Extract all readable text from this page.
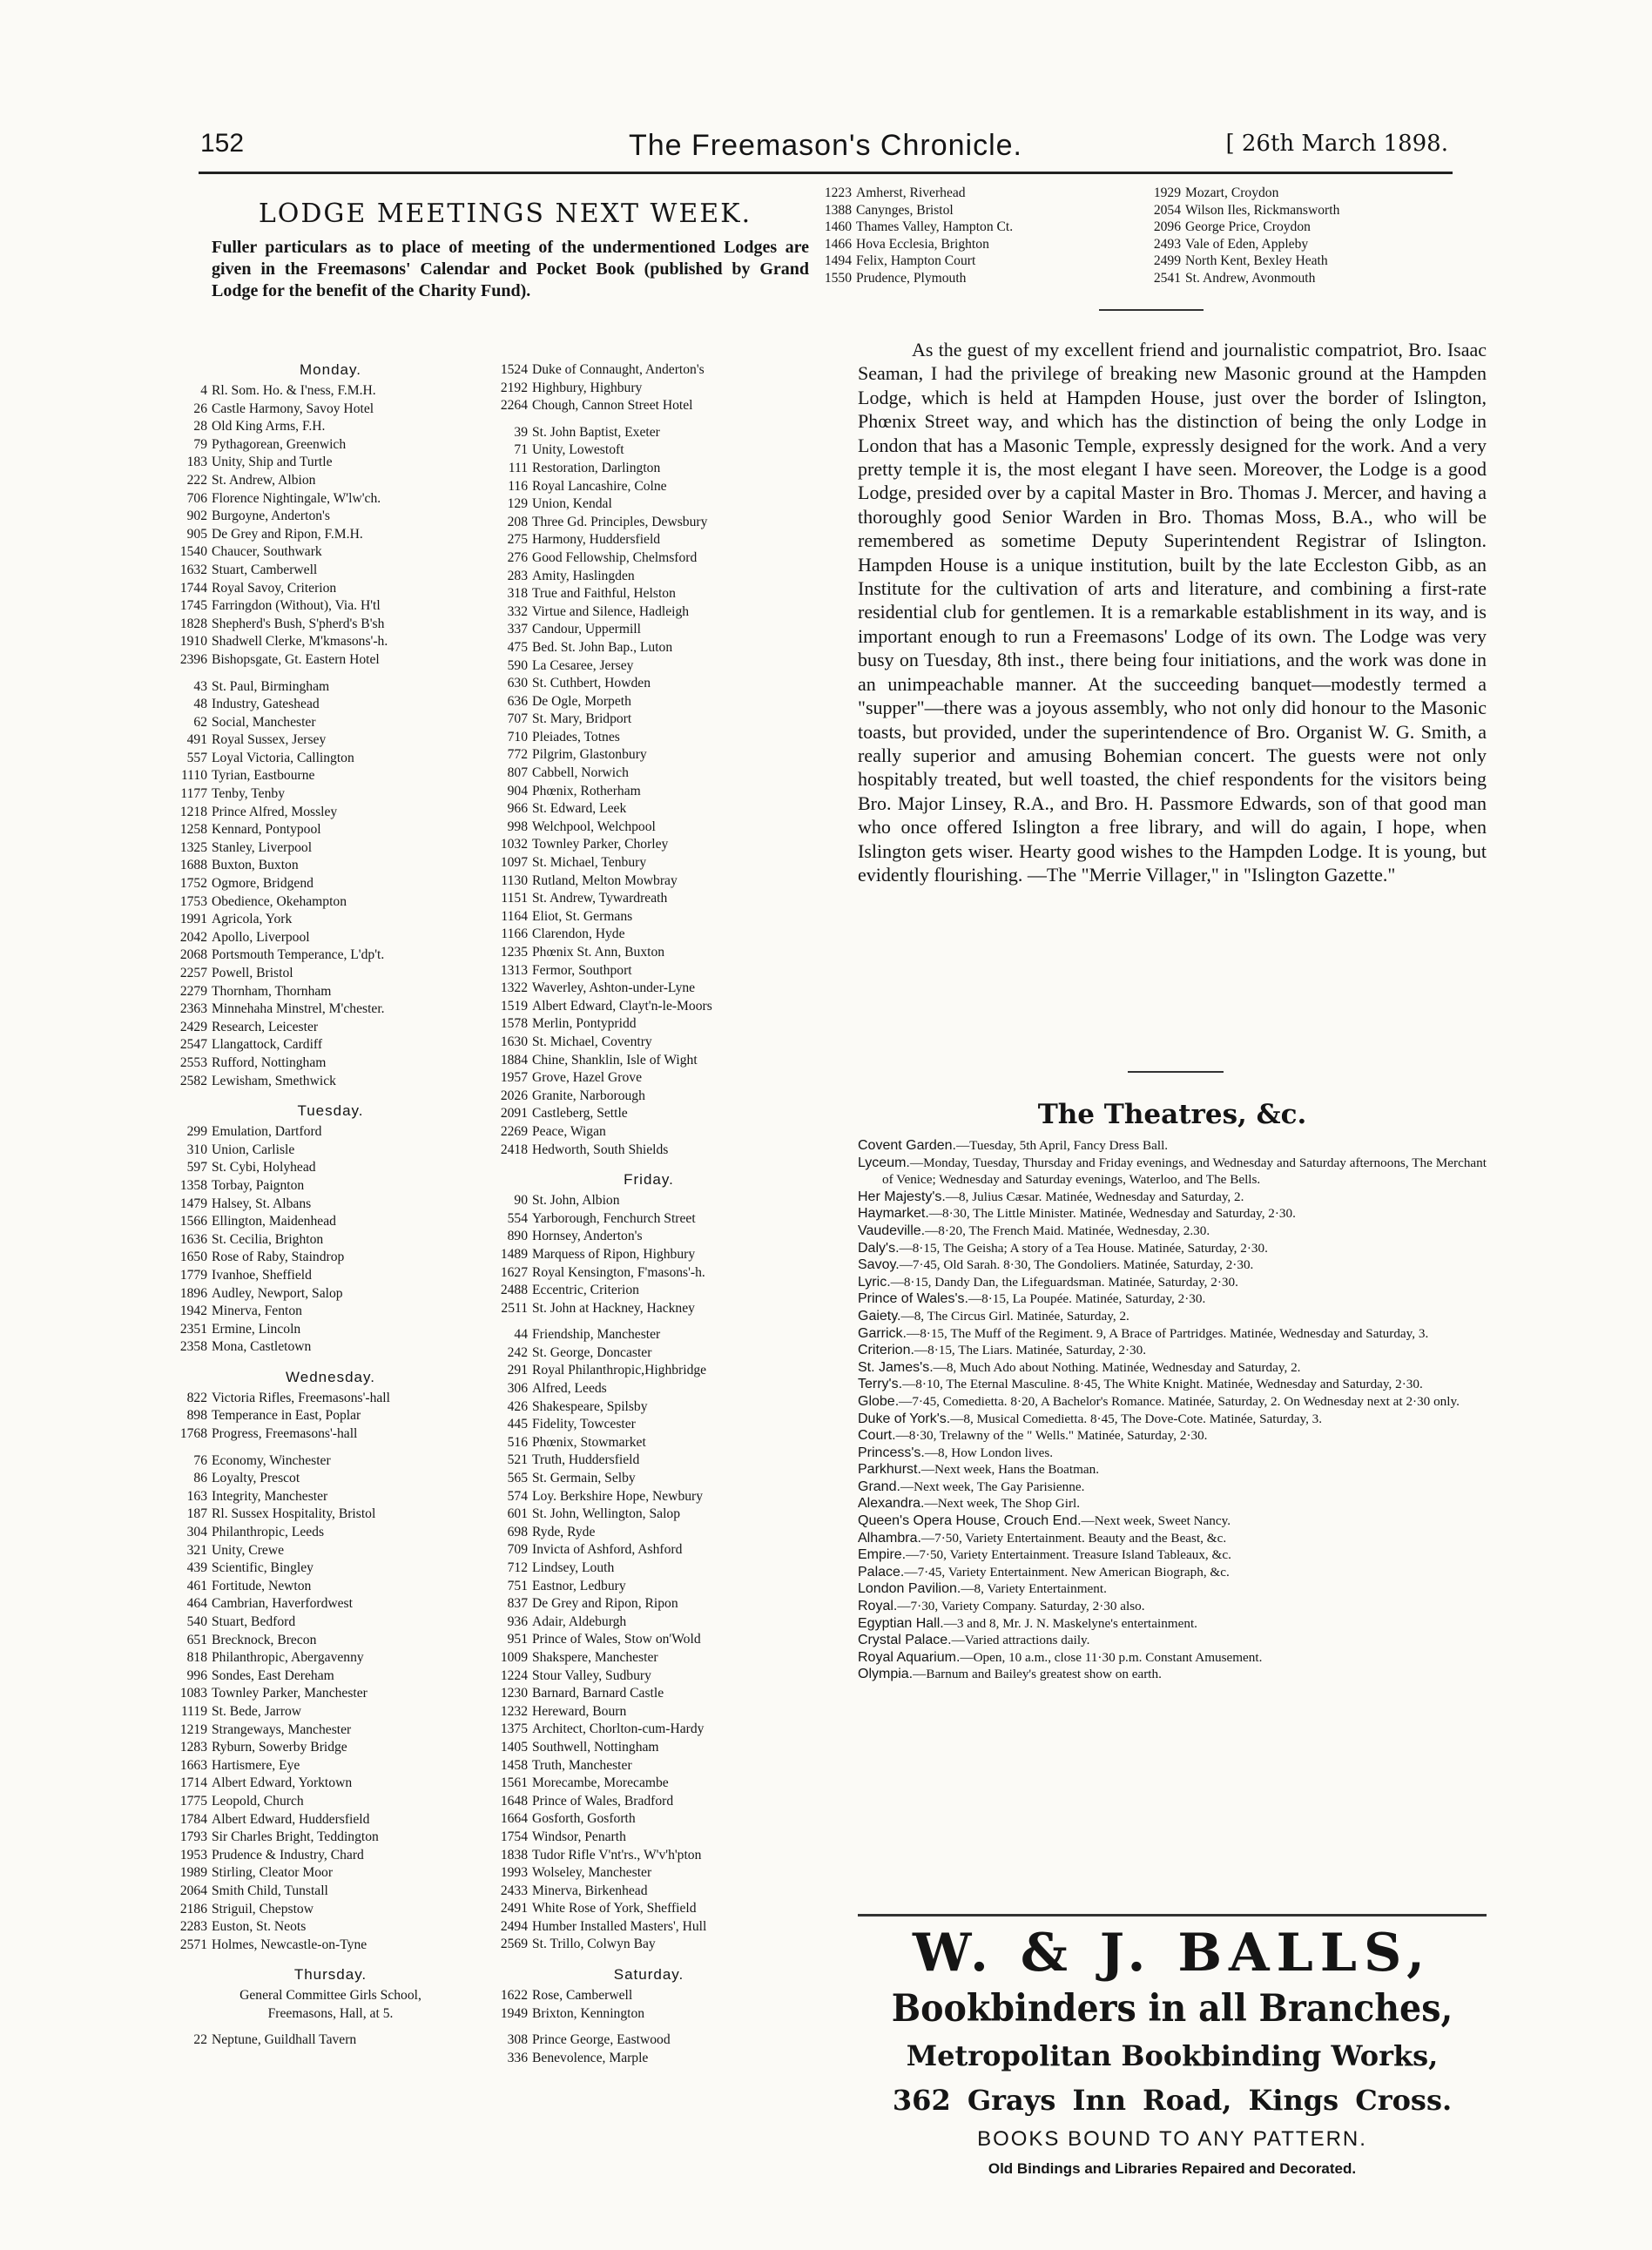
152	The Freemason's Chronicle.	[ 26th March 1898.
LODGE MEETINGS NEXT WEEK.
Fuller particulars as to place of meeting of the undermentioned Lodges are given in the Freemasons' Calendar and Pocket Book (published by Grand Lodge for the benefit of the Charity Fund).
Monday.
4 Rl. Som. Ho. & I'ness, F.M.H.
26 Castle Harmony, Savoy Hotel
28 Old King Arms, F.H.
79 Pythagorean, Greenwich
183 Unity, Ship and Turtle
222 St. Andrew, Albion
706 Florence Nightingale, W'lw'ch.
902 Burgoyne, Anderton's
905 De Grey and Ripon, F.M.H.
1540 Chaucer, Southwark
1632 Stuart, Camberwell
1744 Royal Savoy, Criterion
1745 Farringdon (Without), Via. H'tl
1828 Shepherd's Bush, S'pherd's B'sh
1910 Shadwell Clerke, M'kmasons'-h.
2396 Bishopsgate, Gt. Eastern Hotel
43 St. Paul, Birmingham
48 Industry, Gateshead
62 Social, Manchester
491 Royal Sussex, Jersey
557 Loyal Victoria, Callington
1110 Tyrian, Eastbourne
1177 Tenby, Tenby
1218 Prince Alfred, Mossley
1258 Kennard, Pontypool
1325 Stanley, Liverpool
1688 Buxton, Buxton
1752 Ogmore, Bridgend
1753 Obedience, Okehampton
1991 Agricola, York
2042 Apollo, Liverpool
2068 Portsmouth Temperance, L'dp't.
2257 Powell, Bristol
2279 Thornham, Thornham
2363 Minnehaha Minstrel, M'chester.
2429 Research, Leicester
2547 Llangattock, Cardiff
2553 Rufford, Nottingham
2582 Lewisham, Smethwick
Tuesday.
299 Emulation, Dartford
310 Union, Carlisle
597 St. Cybi, Holyhead
1358 Torbay, Paignton
1479 Halsey, St. Albans
1566 Ellington, Maidenhead
1636 St. Cecilia, Brighton
1650 Rose of Raby, Staindrop
1779 Ivanhoe, Sheffield
1896 Audley, Newport, Salop
1942 Minerva, Fenton
2351 Ermine, Lincoln
2358 Mona, Castletown
Wednesday.
822 Victoria Rifles, Freemasons'-hall
898 Temperance in East, Poplar
1768 Progress, Freemasons'-hall
76 Economy, Winchester
86 Loyalty, Prescot
163 Integrity, Manchester
187 Rl. Sussex Hospitality, Bristol
304 Philanthropic, Leeds
321 Unity, Crewe
439 Scientific, Bingley
461 Fortitude, Newton
464 Cambrian, Haverfordwest
540 Stuart, Bedford
651 Brecknock, Brecon
818 Philanthropic, Abergavenny
996 Sondes, East Dereham
1083 Townley Parker, Manchester
1119 St. Bede, Jarrow
1219 Strangeways, Manchester
1283 Ryburn, Sowerby Bridge
1663 Hartismere, Eye
1714 Albert Edward, Yorktown
1775 Leopold, Church
1784 Albert Edward, Huddersfield
1793 Sir Charles Bright, Teddington
1953 Prudence & Industry, Chard
1989 Stirling, Cleator Moor
2064 Smith Child, Tunstall
2186 Striguil, Chepstow
2283 Euston, St. Neots
2571 Holmes, Newcastle-on-Tyne
Thursday.
General Committee Girls School,
Freemasons, Hall, at 5.
22 Neptune, Guildhall Tavern
1524 Duke of Connaught, Anderton's
2192 Highbury, Highbury
2264 Chough, Cannon Street Hotel
39 St. John Baptist, Exeter
71 Unity, Lowestoft
111 Restoration, Darlington
116 Royal Lancashire, Colne
129 Union, Kendal
208 Three Gd. Principles, Dewsbury
275 Harmony, Huddersfield
276 Good Fellowship, Chelmsford
283 Amity, Haslingden
318 True and Faithful, Helston
332 Virtue and Silence, Hadleigh
337 Candour, Uppermill
475 Bed. St. John Bap., Luton
590 La Cesaree, Jersey
630 St. Cuthbert, Howden
636 De Ogle, Morpeth
707 St. Mary, Bridport
710 Pleiades, Totnes
772 Pilgrim, Glastonbury
807 Cabbell, Norwich
904 Phœnix, Rotherham
966 St. Edward, Leek
998 Welchpool, Welchpool
1032 Townley Parker, Chorley
1097 St. Michael, Tenbury
1130 Rutland, Melton Mowbray
1151 St. Andrew, Tywardreath
1164 Eliot, St. Germans
1166 Clarendon, Hyde
1235 Phœnix St. Ann, Buxton
1313 Fermor, Southport
1322 Waverley, Ashton-under-Lyne
1519 Albert Edward, Clayt'n-le-Moors
1578 Merlin, Pontypridd
1630 St. Michael, Coventry
1884 Chine, Shanklin, Isle of Wight
1957 Grove, Hazel Grove
2026 Granite, Narborough
2091 Castleberg, Settle
2269 Peace, Wigan
2418 Hedworth, South Shields
Friday.
90 St. John, Albion
554 Yarborough, Fenchurch Street
890 Hornsey, Anderton's
1489 Marquess of Ripon, Highbury
1627 Royal Kensington, F'masons'-h.
2488 Eccentric, Criterion
2511 St. John at Hackney, Hackney
44 Friendship, Manchester
242 St. George, Doncaster
291 Royal Philanthropic,Highbridge
306 Alfred, Leeds
426 Shakespeare, Spilsby
445 Fidelity, Towcester
516 Phœnix, Stowmarket
521 Truth, Huddersfield
565 St. Germain, Selby
574 Loy. Berkshire Hope, Newbury
601 St. John, Wellington, Salop
698 Ryde, Ryde
709 Invicta of Ashford, Ashford
712 Lindsey, Louth
751 Eastnor, Ledbury
837 De Grey and Ripon, Ripon
936 Adair, Aldeburgh
951 Prince of Wales, Stow on'Wold
1009 Shakspere, Manchester
1224 Stour Valley, Sudbury
1230 Barnard, Barnard Castle
1232 Hereward, Bourn
1375 Architect, Chorlton-cum-Hardy
1405 Southwell, Nottingham
1458 Truth, Manchester
1561 Morecambe, Morecambe
1648 Prince of Wales, Bradford
1664 Gosforth, Gosforth
1754 Windsor, Penarth
1838 Tudor Rifle V'nt'rs., W'v'h'pton
1993 Wolseley, Manchester
2433 Minerva, Birkenhead
2491 White Rose of York, Sheffield
2494 Humber Installed Masters', Hull
2569 St. Trillo, Colwyn Bay
Saturday.
1622 Rose, Camberwell
1949 Brixton, Kennington
308 Prince George, Eastwood
336 Benevolence, Marple
1223 Amherst, Riverhead
1388 Canynges, Bristol
1460 Thames Valley, Hampton Ct.
1466 Hova Ecclesia, Brighton
1494 Felix, Hampton Court
1550 Prudence, Plymouth
1929 Mozart, Croydon
2054 Wilson Iles, Rickmansworth
2096 George Price, Croydon
2493 Vale of Eden, Appleby
2499 North Kent, Bexley Heath
2541 St. Andrew, Avonmouth
As the guest of my excellent friend and journalistic compatriot, Bro. Isaac Seaman, I had the privilege of breaking new Masonic ground at the Hampden Lodge, which is held at Hampden House, just over the border of Islington, Phœnix Street way, and which has the distinction of being the only Lodge in London that has a Masonic Temple, expressly designed for the work. And a very pretty temple it is, the most elegant I have seen. Moreover, the Lodge is a good Lodge, presided over by a capital Master in Bro. Thomas J. Mercer, and having a thoroughly good Senior Warden in Bro. Thomas Moss, B.A., who will be remembered as sometime Deputy Superintendent Registrar of Islington. Hampden House is a unique institution, built by the late Eccleston Gibb, as an Institute for the cultivation of arts and literature, and combining a first-rate residential club for gentlemen. It is a remarkable establishment in its way, and is important enough to run a Freemasons' Lodge of its own. The Lodge was very busy on Tuesday, 8th inst., there being four initiations, and the work was done in an unimpeachable manner. At the succeeding banquet—modestly termed a "supper"—there was a joyous assembly, who not only did honour to the Masonic toasts, but provided, under the superintendence of Bro. Organist W. G. Smith, a really superior and amusing Bohemian concert. The guests were not only hospitably treated, but well toasted, the chief respondents for the visitors being Bro. Major Linsey, R.A., and Bro. H. Passmore Edwards, son of that good man who once offered Islington a free library, and will do again, I hope, when Islington gets wiser. Hearty good wishes to the Hampden Lodge. It is young, but evidently flourishing. —The "Merrie Villager," in "Islington Gazette."
The Theatres, &c.
Covent Garden.—Tuesday, 5th April, Fancy Dress Ball.
Lyceum.—Monday, Tuesday, Thursday and Friday evenings, and Wednesday and Saturday afternoons, The Merchant of Venice; Wednesday and Saturday evenings, Waterloo, and The Bells.
Her Majesty's.—8, Julius Cæsar. Matinée, Wednesday and Saturday, 2.
Haymarket.—8·30, The Little Minister. Matinée, Wednesday and Saturday, 2·30.
Vaudeville.—8·20, The French Maid. Matinée, Wednesday, 2.30.
Daly's.—8·15, The Geisha; A story of a Tea House. Matinée, Saturday, 2·30.
Savoy.—7·45, Old Sarah. 8·30, The Gondoliers. Matinée, Saturday, 2·30.
Lyric.—8·15, Dandy Dan, the Lifeguardsman. Matinée, Saturday, 2·30.
Prince of Wales's.—8·15, La Poupée. Matinée, Saturday, 2·30.
Gaiety.—8, The Circus Girl. Matinée, Saturday, 2.
Garrick.—8·15, The Muff of the Regiment. 9, A Brace of Partridges. Matinée, Wednesday and Saturday, 3.
Criterion.—8·15, The Liars. Matinée, Saturday, 2·30.
St. James's.—8, Much Ado about Nothing. Matinée, Wednesday and Saturday, 2.
Terry's.—8·10, The Eternal Masculine. 8·45, The White Knight. Matinée, Wednesday and Saturday, 2·30.
Globe.—7·45, Comedietta. 8·20, A Bachelor's Romance. Matinée, Saturday, 2. On Wednesday next at 2·30 only.
Duke of York's.—8, Musical Comedietta. 8·45, The Dove-Cote. Matinée, Saturday, 3.
Court.—8·30, Trelawny of the " Wells." Matinée, Saturday, 2·30.
Princess's.—8, How London lives.
Parkhurst.—Next week, Hans the Boatman.
Grand.—Next week, The Gay Parisienne.
Alexandra.—Next week, The Shop Girl.
Queen's Opera House, Crouch End.—Next week, Sweet Nancy.
Alhambra.—7·50, Variety Entertainment. Beauty and the Beast, &c.
Empire.—7·50, Variety Entertainment. Treasure Island Tableaux, &c.
Palace.—7·45, Variety Entertainment. New American Biograph, &c.
London Pavilion.—8, Variety Entertainment.
Royal.—7·30, Variety Company. Saturday, 2·30 also.
Egyptian Hall.—3 and 8, Mr. J. N. Maskelyne's entertainment.
Crystal Palace.—Varied attractions daily.
Royal Aquarium.—Open, 10 a.m., close 11·30 p.m. Constant Amusement.
Olympia.—Barnum and Bailey's greatest show on earth.
W. & J. BALLS,
Bookbinders in all Branches,
Metropolitan Bookbinding Works,
362 Grays Inn Road, Kings Cross.
BOOKS BOUND TO ANY PATTERN.
Old Bindings and Libraries Repaired and Decorated.
